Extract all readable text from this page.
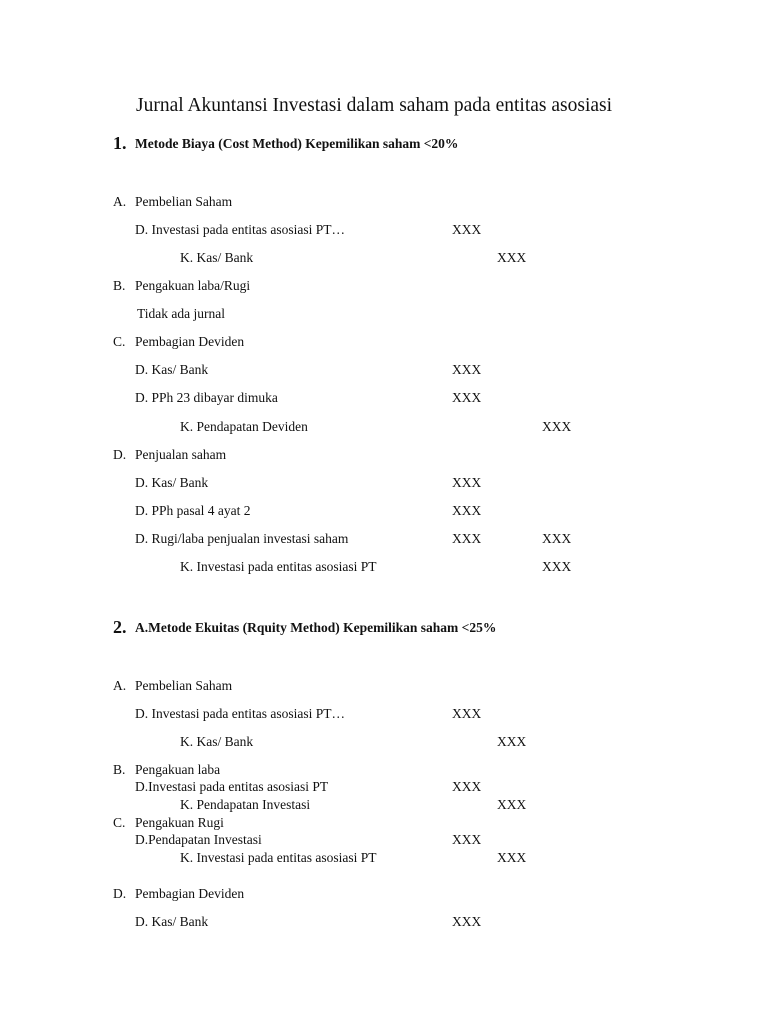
Jurnal Akuntansi Investasi dalam saham pada entitas asosiasi
1. Metode Biaya (Cost Method) Kepemilikan saham <20%
A. Pembelian Saham
D. Investasi pada entitas asosiasi PT…	XXX
K. Kas/ Bank	XXX
B. Pengakuan laba/Rugi
Tidak ada jurnal
C. Pembagian Deviden
D. Kas/ Bank	XXX
D. PPh 23 dibayar dimuka	XXX
K. Pendapatan Deviden	XXX
D. Penjualan saham
D. Kas/ Bank	XXX
D. PPh pasal 4 ayat 2	XXX
D. Rugi/laba penjualan investasi saham	XXX	XXX
K. Investasi pada entitas asosiasi PT	XXX
2. A.Metode Ekuitas (Rquity Method) Kepemilikan saham <25%
A. Pembelian Saham
D. Investasi pada entitas asosiasi PT…	XXX
K. Kas/ Bank	XXX
B. Pengakuan laba
D.Investasi pada entitas asosiasi PT	XXX
K. Pendapatan Investasi	XXX
C. Pengakuan Rugi
D.Pendapatan Investasi	XXX
K. Investasi pada entitas asosiasi PT	XXX
D. Pembagian Deviden
D. Kas/ Bank	XXX
